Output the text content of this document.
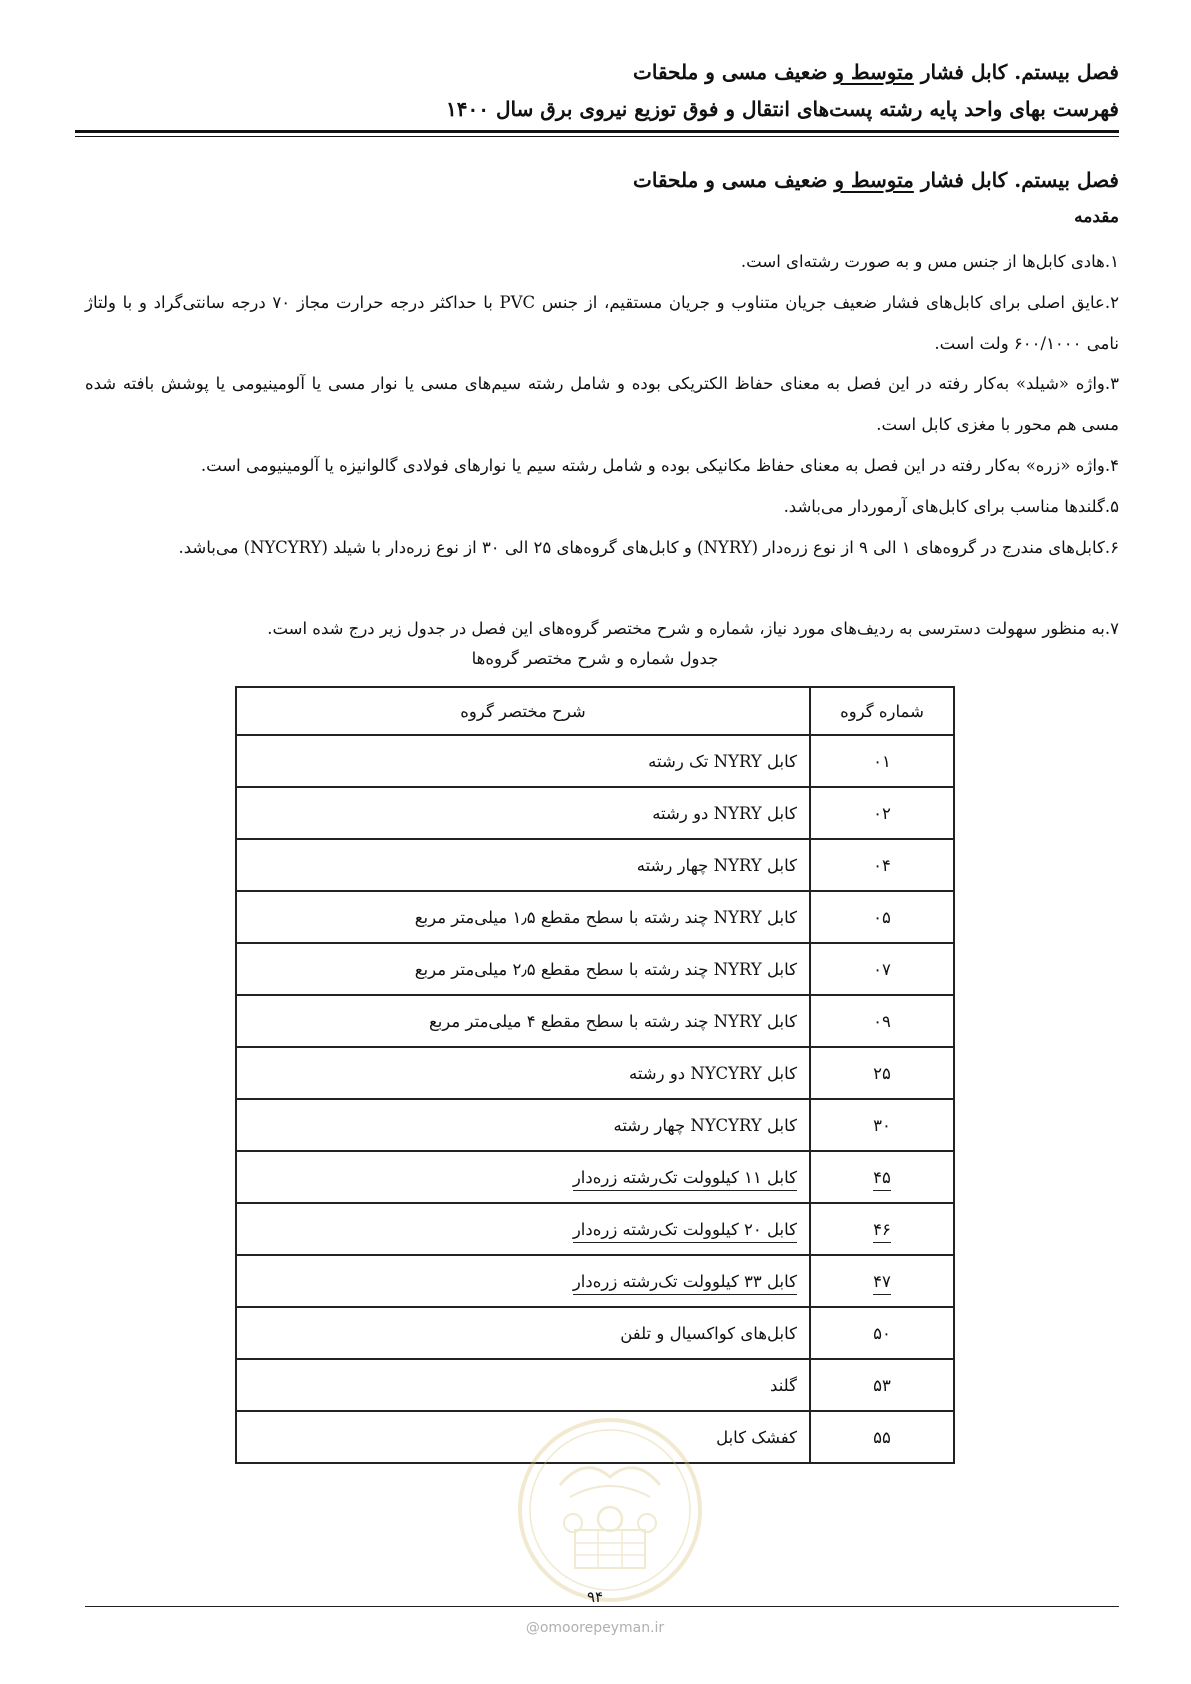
فصل بیستم. کابل فشار متوسط و ضعیف مسی و ملحقات
فهرست بهای واحد پایه رشته پست‌های انتقال و فوق توزیع نیروی برق سال ۱۴۰۰
فصل بیستم. کابل فشار متوسط و ضعیف مسی و ملحقات
مقدمه
۱.هادی کابل‌ها از جنس مس و به صورت رشته‌ای است.
۲.عایق اصلی برای کابل‌های فشار ضعیف جریان متناوب و جریان مستقیم، از جنس PVC با حداکثر درجه حرارت مجاز ۷۰ درجه سانتی‌گراد و با ولتاژ نامی ۶۰۰/۱۰۰۰ ولت است.
۳.واژه «شیلد» به‌کار رفته در این فصل به معنای حفاظ الکتریکی بوده و شامل رشته سیم‌های مسی یا نوار مسی یا آلومینیومی یا پوشش بافته شده مسی هم محور با مغزی کابل است.
۴.واژه «زره» به‌کار رفته در این فصل به معنای حفاظ مکانیکی بوده و شامل رشته سیم یا نوارهای فولادی گالوانیزه یا آلومینیومی است.
۵.گلندها مناسب برای کابل‌های آرموردار می‌باشد.
۶.کابل‌های مندرج در گروه‌های ۱ الی ۹ از نوع زره‌دار (NYRY) و کابل‌های گروه‌های ۲۵ الی ۳۰ از نوع زره‌دار با شیلد (NYCYRY) می‌باشد.
۷.به منظور سهولت دسترسی به ردیف‌های مورد نیاز، شماره و شرح مختصر گروه‌های این فصل در جدول زیر درج شده است.
جدول شماره و شرح مختصر گروه‌ها
شماره گروه	شرح مختصر گروه
۰۱	کابل NYRY تک رشته
۰۲	کابل NYRY دو رشته
۰۴	کابل NYRY چهار رشته
۰۵	کابل NYRY چند رشته با سطح مقطع ۱٫۵ میلی‌متر مربع
۰۷	کابل NYRY چند رشته با سطح مقطع ۲٫۵ میلی‌متر مربع
۰۹	کابل NYRY چند رشته با سطح مقطع ۴ میلی‌متر مربع
۲۵	کابل NYCYRY دو رشته
۳۰	کابل NYCYRY چهار رشته
۴۵	کابل ۱۱ کیلوولت تک‌رشته زره‌دار
۴۶	کابل ۲۰ کیلوولت تک‌رشته زره‌دار
۴۷	کابل ۳۳ کیلوولت تک‌رشته زره‌دار
۵۰	کابل‌های کواکسیال و تلفن
۵۳	گلند
۵۵	کفشک کابل
۹۴
@omoorepeyman.ir
